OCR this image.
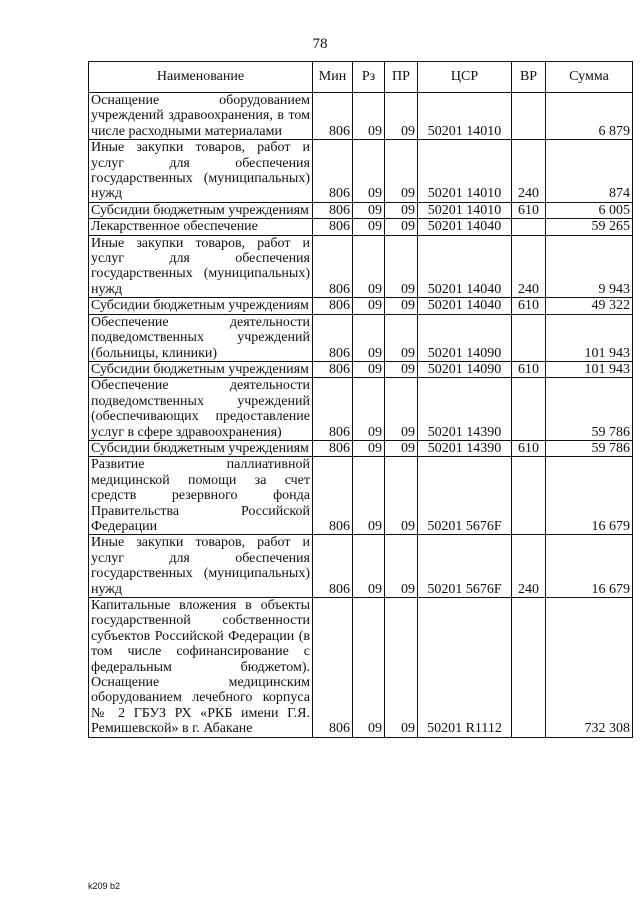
78
Наименование	Мин	Рз	ПР	ЦСР	ВР	Сумма
Оснащение оборудованием учреждений здравоохранения, в том числе расходными материалами	806	09	09	50201 14010		6 879
Иные закупки товаров, работ и услуг для обеспечения государственных (муниципальных) нужд	806	09	09	50201 14010	240	874
Субсидии бюджетным учреждениям	806	09	09	50201 14010	610	6 005
Лекарственное обеспечение	806	09	09	50201 14040		59 265
Иные закупки товаров, работ и услуг для обеспечения государственных (муниципальных) нужд	806	09	09	50201 14040	240	9 943
Субсидии бюджетным учреждениям	806	09	09	50201 14040	610	49 322
Обеспечение деятельности подведомственных учреждений (больницы, клиники)	806	09	09	50201 14090		101 943
Субсидии бюджетным учреждениям	806	09	09	50201 14090	610	101 943
Обеспечение деятельности подведомственных учреждений (обеспечивающих предоставление услуг в сфере здравоохранения)	806	09	09	50201 14390		59 786
Субсидии бюджетным учреждениям	806	09	09	50201 14390	610	59 786
Развитие паллиативной медицинской помощи за счет средств резервного фонда Правительства Российской Федерации	806	09	09	50201 5676F		16 679
Иные закупки товаров, работ и услуг для обеспечения государственных (муниципальных) нужд	806	09	09	50201 5676F	240	16 679
Капитальные вложения в объекты государственной собственности субъектов Российской Федерации (в том числе софинансирование с федеральным бюджетом). Оснащение медицинским оборудованием лечебного корпуса № 2 ГБУЗ РХ «РКБ имени Г.Я. Ремишевской» в г. Абакане	806	09	09	50201 R1112		732 308
k209 b2
